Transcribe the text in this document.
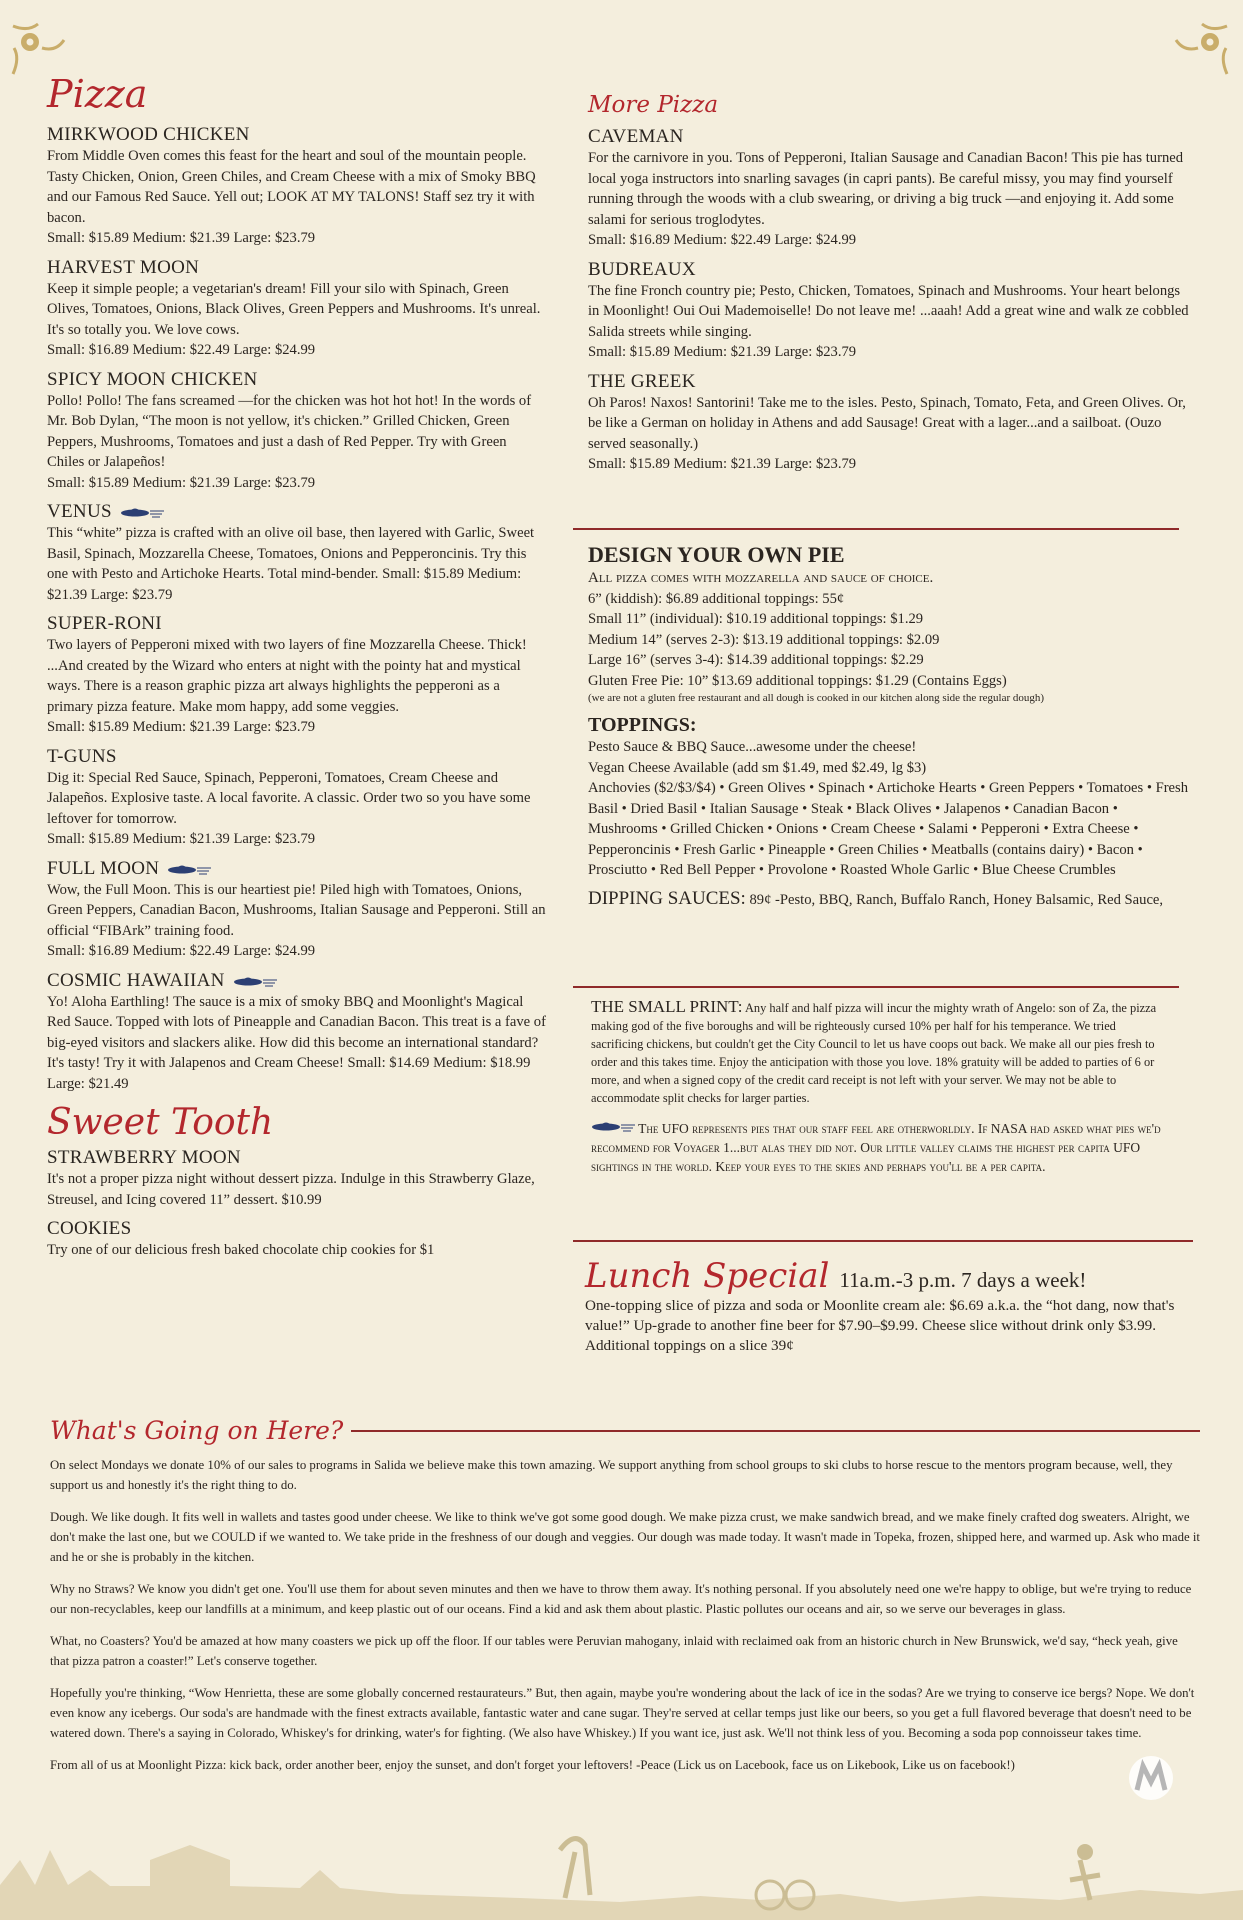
Pizza

MIRKWOOD CHICKEN

From Middle Oven comes this feast for the heart and soul of the mountain people. Tasty Chicken, Onion, Green Chiles, and Cream Cheese with a mix of Smoky BBQ and our Famous Red Sauce. Yell out; LOOK AT MY TALONS! Staff sez try it with bacon.

Small: $15.89 Medium: $21.39 Large: $23.79

HARVEST MOON

Keep it simple people; a vegetarian's dream! Fill your silo with Spinach, Green Olives, Tomatoes, Onions, Black Olives, Green Peppers and Mushrooms. It's unreal. It's so totally you. We love cows.

Small: $16.89 Medium: $22.49 Large: $24.99

SPICY MOON CHICKEN

Pollo! Pollo! The fans screamed —for the chicken was hot hot hot! In the words of Mr. Bob Dylan, “The moon is not yellow, it's chicken.” Grilled Chicken, Green Peppers, Mushrooms, Tomatoes and just a dash of Red Pepper. Try with Green Chiles or Jalapeños!

Small: $15.89 Medium: $21.39 Large: $23.79

VENUS

This “white” pizza is crafted with an olive oil base, then layered with Garlic, Sweet Basil, Spinach, Mozzarella Cheese, Tomatoes, Onions and Pepperoncinis. Try this one with Pesto and Artichoke Hearts. Total mind-bender. Small: $15.89 Medium: $21.39 Large: $23.79

SUPER-RONI

Two layers of Pepperoni mixed with two layers of fine Mozzarella Cheese. Thick! ...And created by the Wizard who enters at night with the pointy hat and mystical ways. There is a reason graphic pizza art always highlights the pepperoni as a primary pizza feature. Make mom happy, add some veggies.

Small: $15.89 Medium: $21.39 Large: $23.79

T-GUNS

Dig it: Special Red Sauce, Spinach, Pepperoni, Tomatoes, Cream Cheese and Jalapeños. Explosive taste. A local favorite. A classic. Order two so you have some leftover for tomorrow.

Small: $15.89 Medium: $21.39 Large: $23.79

FULL MOON

Wow, the Full Moon. This is our heartiest pie! Piled high with Tomatoes, Onions, Green Peppers, Canadian Bacon, Mushrooms, Italian Sausage and Pepperoni. Still an official “FIBArk” training food.

Small: $16.89 Medium: $22.49 Large: $24.99

COSMIC HAWAIIAN

Yo! Aloha Earthling! The sauce is a mix of smoky BBQ and Moonlight's Magical Red Sauce. Topped with lots of Pineapple and Canadian Bacon. This treat is a fave of big-eyed visitors and slackers alike. How did this become an international standard? It's tasty! Try it with Jalapenos and Cream Cheese! Small: $14.69 Medium: $18.99 Large: $21.49

Sweet Tooth

STRAWBERRY MOON

It's not a proper pizza night without dessert pizza. Indulge in this Strawberry Glaze, Streusel, and Icing covered 11” dessert. $10.99

COOKIES

Try one of our delicious fresh baked chocolate chip cookies for $1

More Pizza

CAVEMAN

For the carnivore in you. Tons of Pepperoni, Italian Sausage and Canadian Bacon! This pie has turned local yoga instructors into snarling savages (in capri pants). Be careful missy, you may find yourself running through the woods with a club swearing, or driving a big truck —and enjoying it. Add some salami for serious troglodytes.

Small: $16.89 Medium: $22.49 Large: $24.99

BUDREAUX

The fine Fronch country pie; Pesto, Chicken, Tomatoes, Spinach and Mushrooms. Your heart belongs in Moonlight! Oui Oui Mademoiselle! Do not leave me! ...aaah! Add a great wine and walk ze cobbled Salida streets while singing.

Small: $15.89 Medium: $21.39 Large: $23.79

THE GREEK

Oh Paros! Naxos! Santorini! Take me to the isles. Pesto, Spinach, Tomato, Feta, and Green Olives. Or, be like a German on holiday in Athens and add Sausage! Great with a lager...and a sailboat. (Ouzo served seasonally.)

Small: $15.89 Medium: $21.39 Large: $23.79

DESIGN YOUR OWN PIE

All pizza comes with mozzarella and sauce of choice.

6” (kiddish): $6.89 additional toppings: 55¢

Small 11” (individual): $10.19 additional toppings: $1.29

Medium 14” (serves 2-3): $13.19 additional toppings: $2.09

Large 16” (serves 3-4): $14.39 additional toppings: $2.29

Gluten Free Pie: 10” $13.69 additional toppings: $1.29 (Contains Eggs)

(we are not a gluten free restaurant and all dough is cooked in our kitchen along side the regular dough)

TOPPINGS:

Pesto Sauce & BBQ Sauce...awesome under the cheese!

Vegan Cheese Available (add sm $1.49, med $2.49, lg $3)

Anchovies ($2/$3/$4) • Green Olives • Spinach • Artichoke Hearts • Green Peppers • Tomatoes • Fresh Basil • Dried Basil • Italian Sausage • Steak • Black Olives • Jalapenos • Canadian Bacon • Mushrooms • Grilled Chicken • Onions • Cream Cheese • Salami • Pepperoni • Extra Cheese • Pepperoncinis • Fresh Garlic • Pineapple • Green Chilies • Meatballs (contains dairy) • Bacon • Prosciutto • Red Bell Pepper • Provolone • Roasted Whole Garlic • Blue Cheese Crumbles

DIPPING SAUCES: 89¢ -Pesto, BBQ, Ranch, Buffalo Ranch, Honey Balsamic, Red Sauce,

THE SMALL PRINT: Any half and half pizza will incur the mighty wrath of Angelo: son of Za, the pizza making god of the five boroughs and will be righteously cursed 10% per half for his temperance. We tried sacrificing chickens, but couldn't get the City Council to let us have coops out back. We make all our pies fresh to order and this takes time. Enjoy the anticipation with those you love. 18% gratuity will be added to parties of 6 or more, and when a signed copy of the credit card receipt is not left with your server. We may not be able to accommodate split checks for larger parties.

The UFO represents pies that our staff feel are otherworldly. If NASA had asked what pies we'd recommend for Voyager 1...but alas they did not. Our little valley claims the highest per capita UFO sightings in the world. Keep your eyes to the skies and perhaps you'll be a per capita.

Lunch Special 11a.m.-3 p.m. 7 days a week!

One-topping slice of pizza and soda or Moonlite cream ale: $6.69 a.k.a. the “hot dang, now that's value!” Up-grade to another fine beer for $7.90–$9.99. Cheese slice without drink only $3.99. Additional toppings on a slice 39¢

What's Going on Here?

On select Mondays we donate 10% of our sales to programs in Salida we believe make this town amazing. We support anything from school groups to ski clubs to horse rescue to the mentors program because, well, they support us and honestly it's the right thing to do.

Dough. We like dough. It fits well in wallets and tastes good under cheese. We like to think we've got some good dough. We make pizza crust, we make sandwich bread, and we make finely crafted dog sweaters. Alright, we don't make the last one, but we COULD if we wanted to. We take pride in the freshness of our dough and veggies. Our dough was made today. It wasn't made in Topeka, frozen, shipped here, and warmed up. Ask who made it and he or she is probably in the kitchen.

Why no Straws? We know you didn't get one. You'll use them for about seven minutes and then we have to throw them away. It's nothing personal. If you absolutely need one we're happy to oblige, but we're trying to reduce our non-recyclables, keep our landfills at a minimum, and keep plastic out of our oceans. Find a kid and ask them about plastic. Plastic pollutes our oceans and air, so we serve our beverages in glass.

What, no Coasters? You'd be amazed at how many coasters we pick up off the floor. If our tables were Peruvian mahogany, inlaid with reclaimed oak from an historic church in New Brunswick, we'd say, “heck yeah, give that pizza patron a coaster!” Let's conserve together.

Hopefully you're thinking, “Wow Henrietta, these are some globally concerned restaurateurs.” But, then again, maybe you're wondering about the lack of ice in the sodas? Are we trying to conserve ice bergs? Nope. We don't even know any icebergs. Our soda's are handmade with the finest extracts available, fantastic water and cane sugar. They're served at cellar temps just like our beers, so you get a full flavored beverage that doesn't need to be watered down. There's a saying in Colorado, Whiskey's for drinking, water's for fighting. (We also have Whiskey.) If you want ice, just ask. We'll not think less of you. Becoming a soda pop connoisseur takes time.

From all of us at Moonlight Pizza: kick back, order another beer, enjoy the sunset, and don't forget your leftovers! -Peace (Lick us on Lacebook, face us on Likebook, Like us on facebook!)
